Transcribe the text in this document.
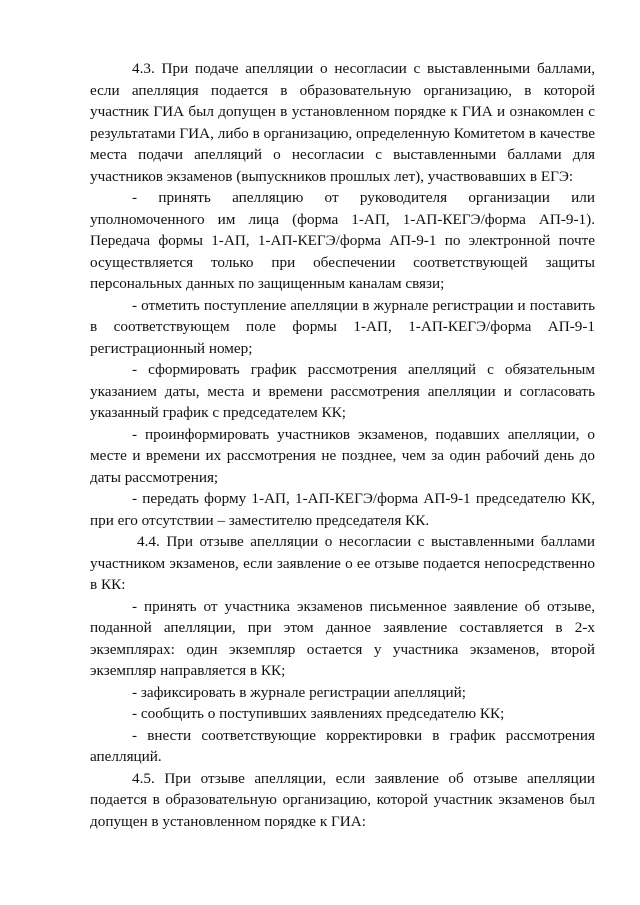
4.3. При подаче апелляции о несогласии с выставленными баллами, если апелляция подается в образовательную организацию, в которой участник ГИА был допущен в установленном порядке к ГИА и ознакомлен с результатами ГИА, либо в организацию, определенную Комитетом в качестве места подачи апелляций о несогласии с выставленными баллами для участников экзаменов (выпускников прошлых лет), участвовавших в ЕГЭ:

- принять апелляцию от руководителя организации или уполномоченного им лица (форма 1-АП, 1-АП-КЕГЭ/форма АП-9-1). Передача формы 1-АП, 1-АП-КЕГЭ/форма АП-9-1 по электронной почте осуществляется только при обеспечении соответствующей защиты персональных данных по защищенным каналам связи;

- отметить поступление апелляции в журнале регистрации и поставить в соответствующем поле формы 1-АП, 1-АП-КЕГЭ/форма АП-9-1 регистрационный номер;

- сформировать график рассмотрения апелляций с обязательным указанием даты, места и времени рассмотрения апелляции и согласовать указанный график с председателем КК;

- проинформировать участников экзаменов, подавших апелляции, о месте и времени их рассмотрения не позднее, чем за один рабочий день до даты рассмотрения;

- передать форму 1-АП, 1-АП-КЕГЭ/форма АП-9-1 председателю КК, при его отсутствии – заместителю председателя КК.

4.4. При отзыве апелляции о несогласии с выставленными баллами участником экзаменов, если заявление о ее отзыве подается непосредственно в КК:

- принять от участника экзаменов письменное заявление об отзыве, поданной апелляции, при этом данное заявление составляется в 2-х экземплярах: один экземпляр остается у участника экзаменов, второй экземпляр направляется в КК;

- зафиксировать в журнале регистрации апелляций;

- сообщить о поступивших заявлениях председателю КК;

- внести соответствующие корректировки в график рассмотрения апелляций.

4.5. При отзыве апелляции, если заявление об отзыве апелляции подается в образовательную организацию, которой участник экзаменов был допущен в установленном порядке к ГИА:
